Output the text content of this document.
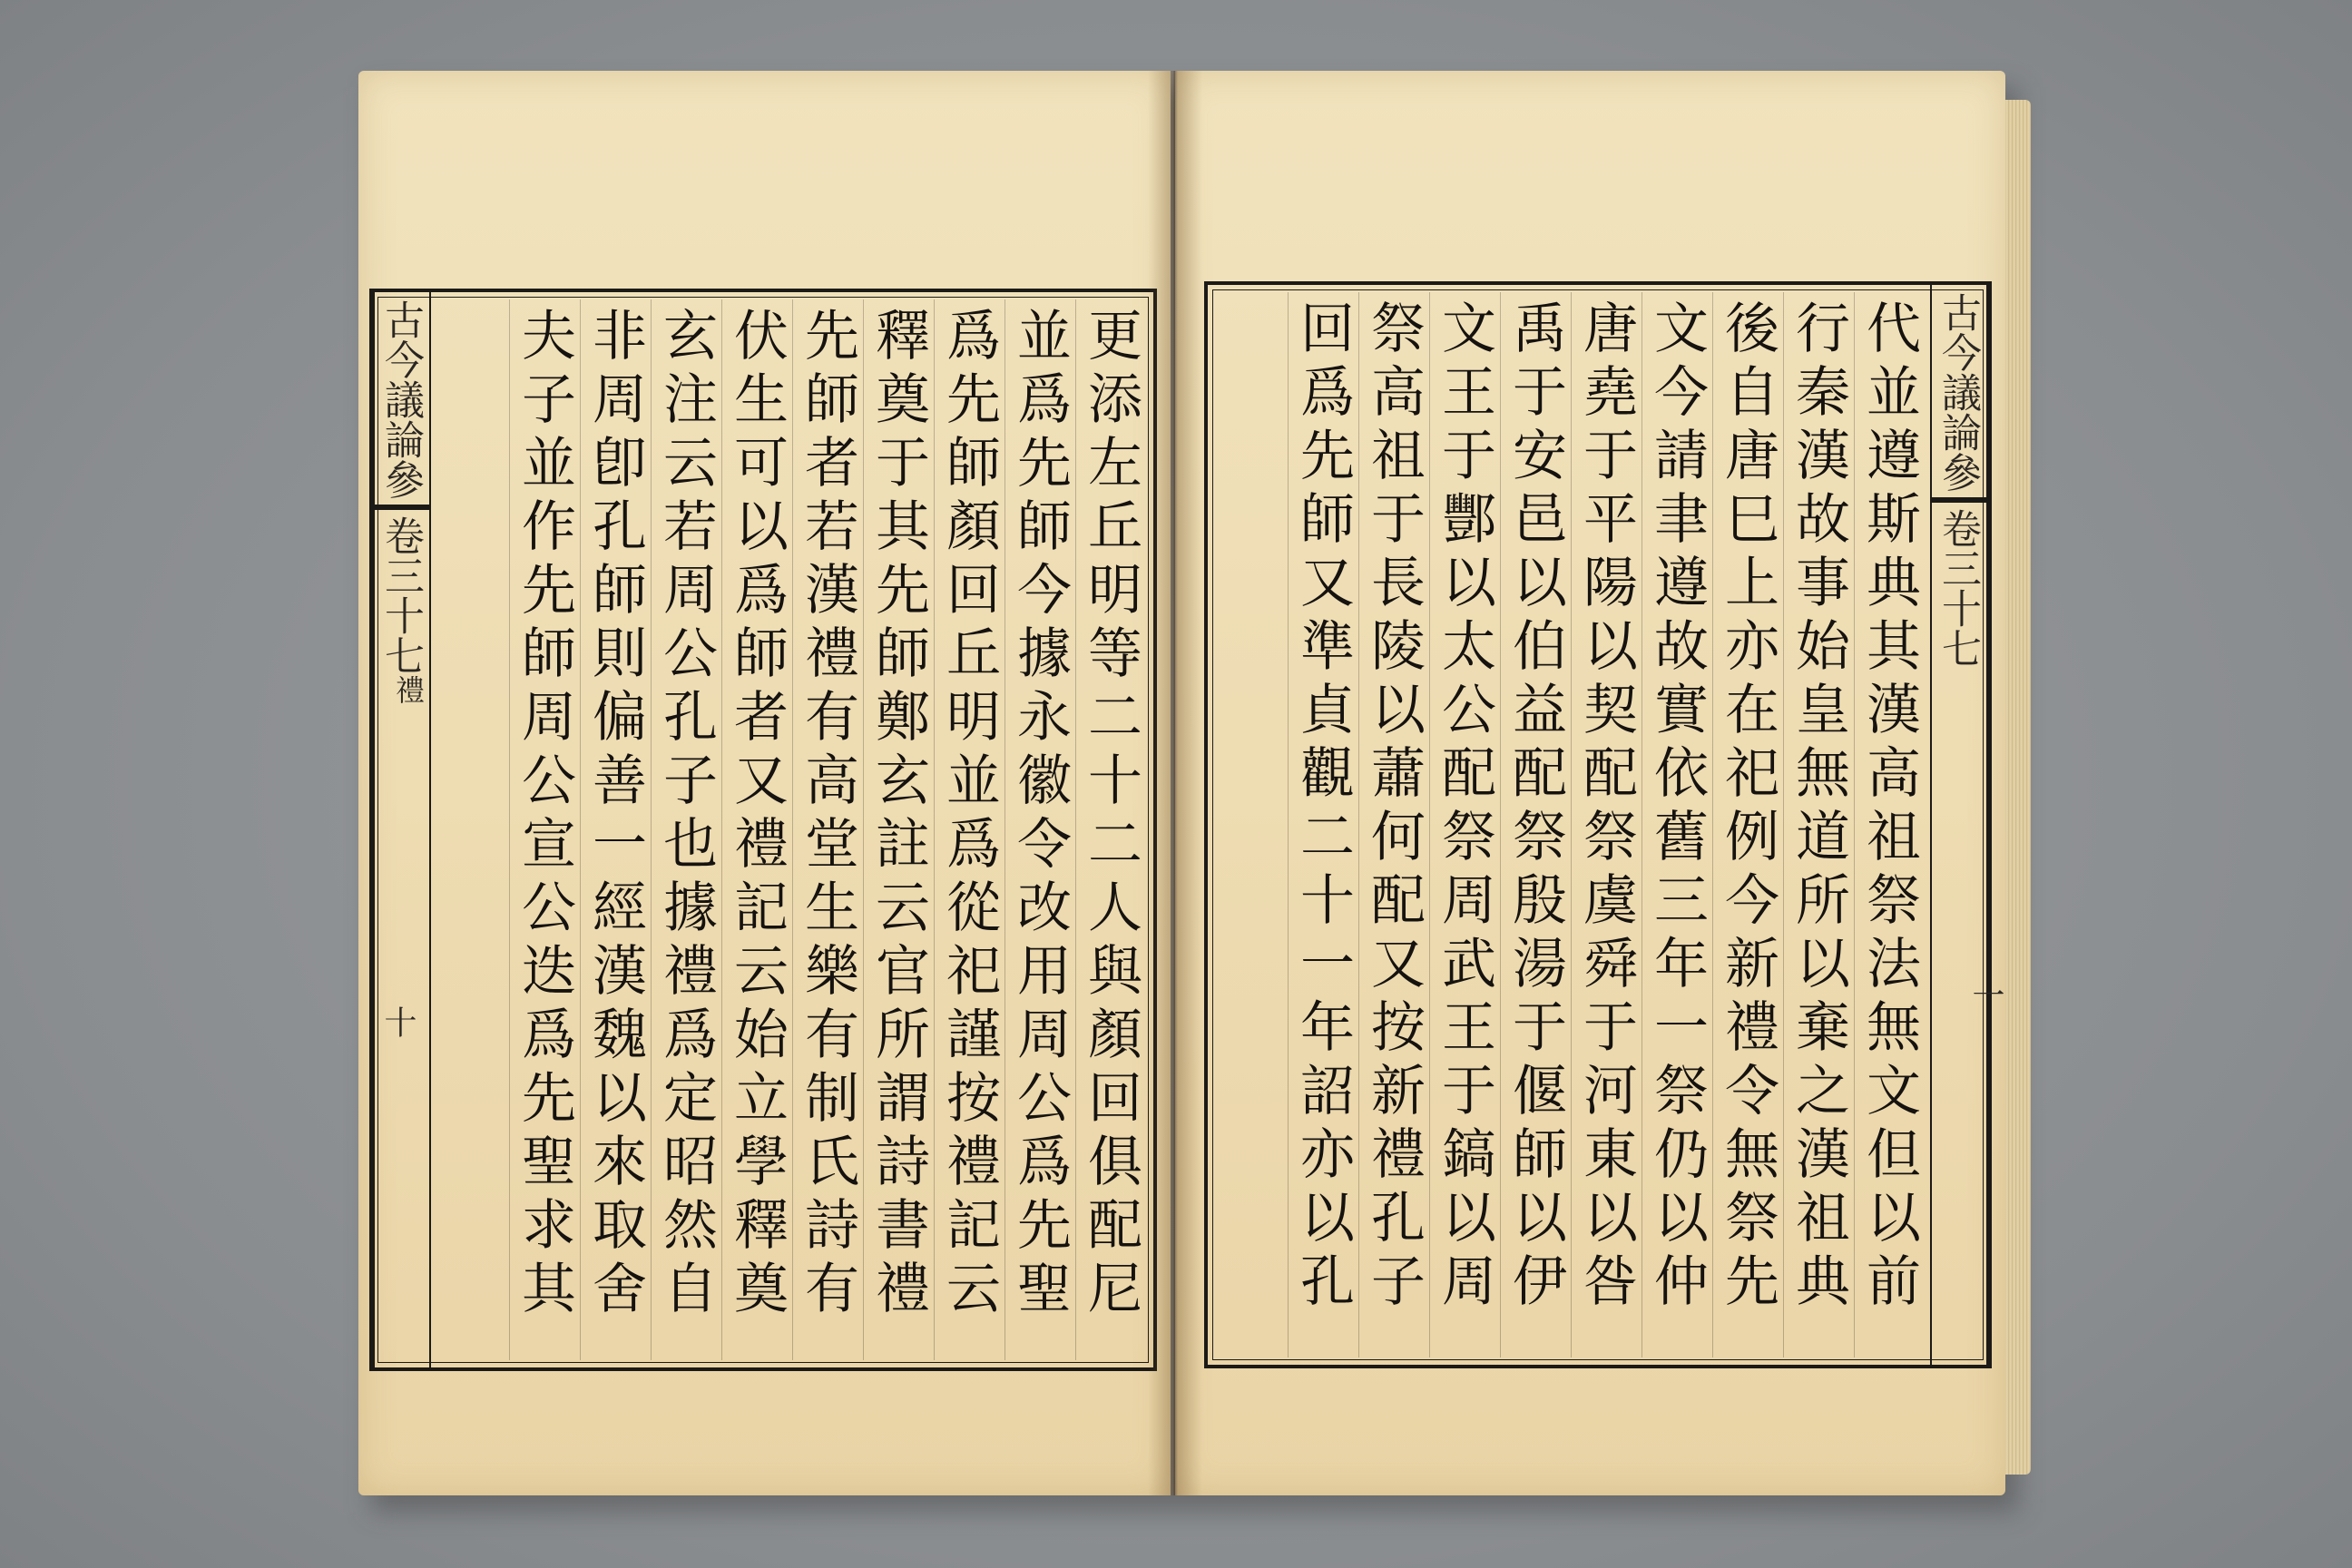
古今議論參
卷三十七
禮
更添左丘明等二十二人與顏回俱配尼
並爲先師今據永徽令改用周公爲先聖
爲先師顏回丘明並爲從祀謹按禮記云
釋奠于其先師鄭玄註云官所謂詩書禮
先師者若漢禮有高堂生樂有制氏詩有
伏生可以爲師者又禮記云始立學釋奠
玄注云若周公孔子也據禮爲定昭然自
非周卽孔師則偏善一經漢魏以來取舍
夫子並作先師周公宣公迭爲先聖求其
十
古今議論參
卷三十七
代並遵斯典其漢高祖祭法無文但以前
行秦漢故事始皇無道所以棄之漢祖典
後自唐巳上亦在祀例今新禮令無祭先
文今請聿遵故實依舊三年一祭仍以仲
唐堯于平陽以契配祭虞舜于河東以咎
禹于安邑以伯益配祭殷湯于偃師以伊
文王于酆以太公配祭周武王于鎬以周
祭高祖于長陵以蕭何配又按新禮孔子
回爲先師又準貞觀二十一年詔亦以孔
一
